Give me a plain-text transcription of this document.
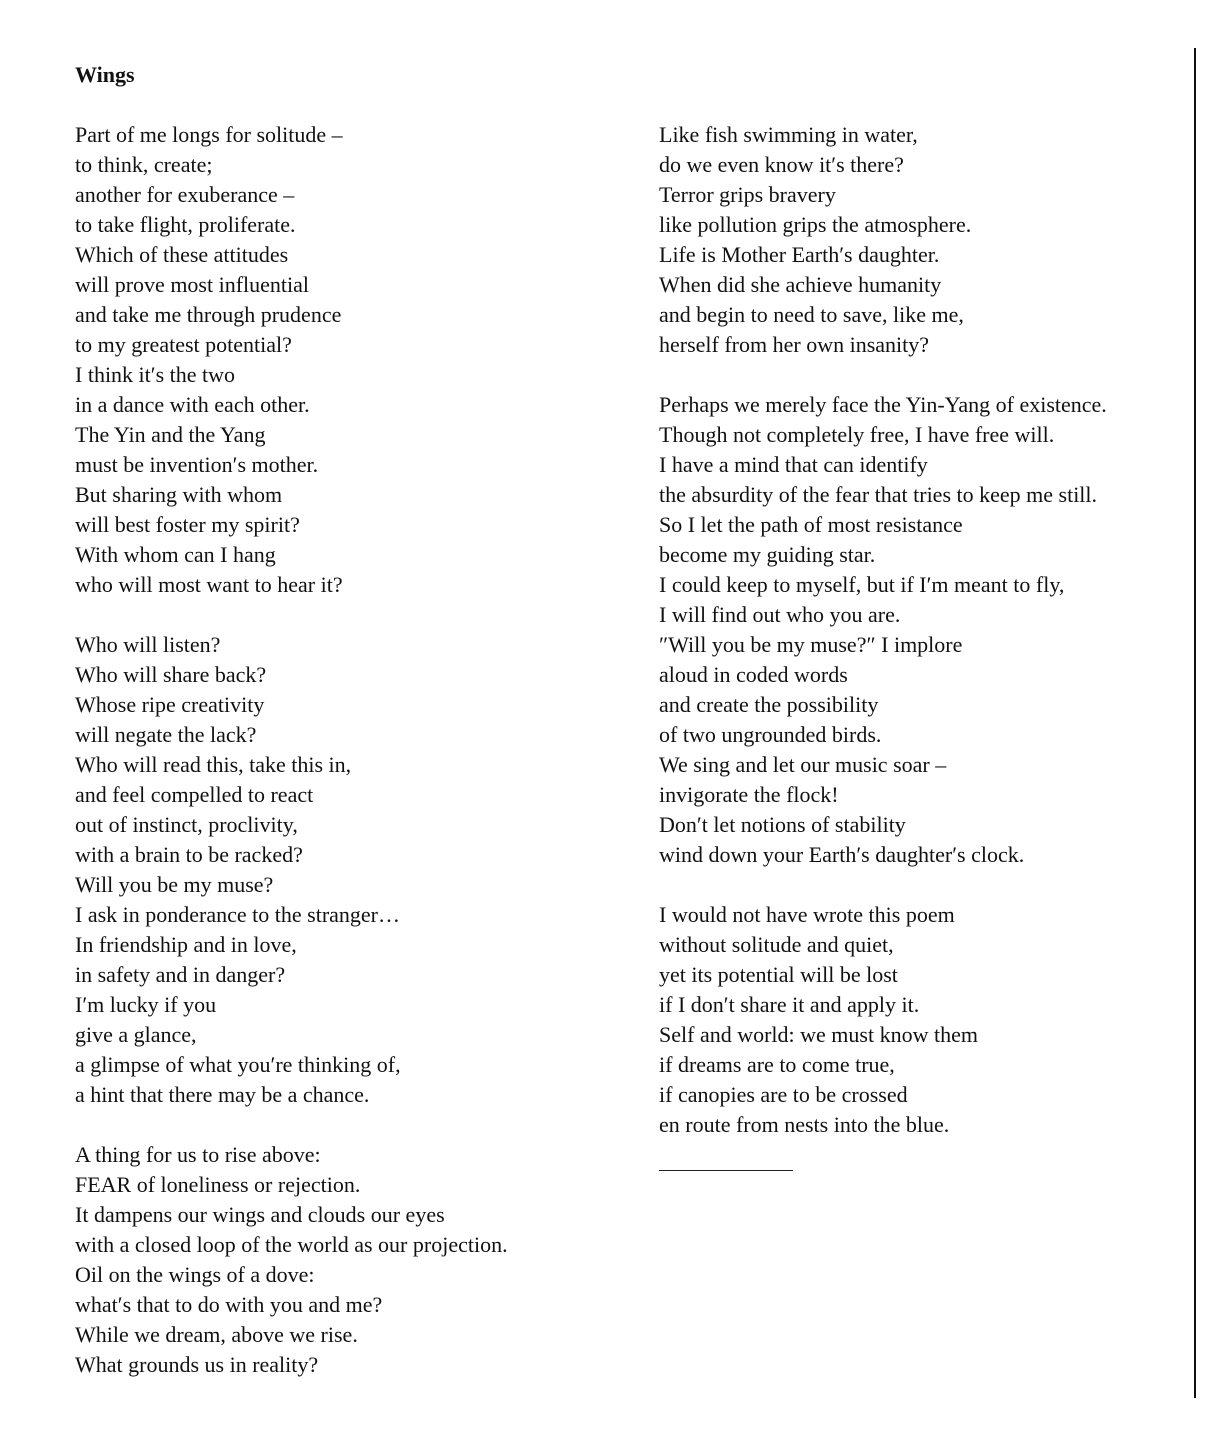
Wings
Part of me longs for solitude –
to think, create;
another for exuberance –
to take flight, proliferate.
Which of these attitudes
will prove most influential
and take me through prudence
to my greatest potential?
I think it′s the two
in a dance with each other.
The Yin and the Yang
must be invention′s mother.
But sharing with whom
will best foster my spirit?
With whom can I hang
who will most want to hear it?
Who will listen?
Who will share back?
Whose ripe creativity
will negate the lack?
Who will read this, take this in,
and feel compelled to react
out of instinct, proclivity,
with a brain to be racked?
Will you be my muse?
I ask in ponderance to the stranger…
In friendship and in love,
in safety and in danger?
I′m lucky if you
give a glance,
a glimpse of what you′re thinking of,
a hint that there may be a chance.
A thing for us to rise above:
FEAR of loneliness or rejection.
It dampens our wings and clouds our eyes
with a closed loop of the world as our projection.
Oil on the wings of a dove:
what′s that to do with you and me?
While we dream, above we rise.
What grounds us in reality?
Like fish swimming in water,
do we even know it′s there?
Terror grips bravery
like pollution grips the atmosphere.
Life is Mother Earth′s daughter.
When did she achieve humanity
and begin to need to save, like me,
herself from her own insanity?
Perhaps we merely face the Yin-Yang of existence.
Though not completely free, I have free will.
I have a mind that can identify
the absurdity of the fear that tries to keep me still.
So I let the path of most resistance
become my guiding star.
I could keep to myself, but if I′m meant to fly,
I will find out who you are.
″Will you be my muse?″ I implore
aloud in coded words
and create the possibility
of two ungrounded birds.
We sing and let our music soar –
invigorate the flock!
Don′t let notions of stability
wind down your Earth′s daughter′s clock.
I would not have wrote this poem
without solitude and quiet,
yet its potential will be lost
if I don′t share it and apply it.
Self and world: we must know them
if dreams are to come true,
if canopies are to be crossed
en route from nests into the blue.
